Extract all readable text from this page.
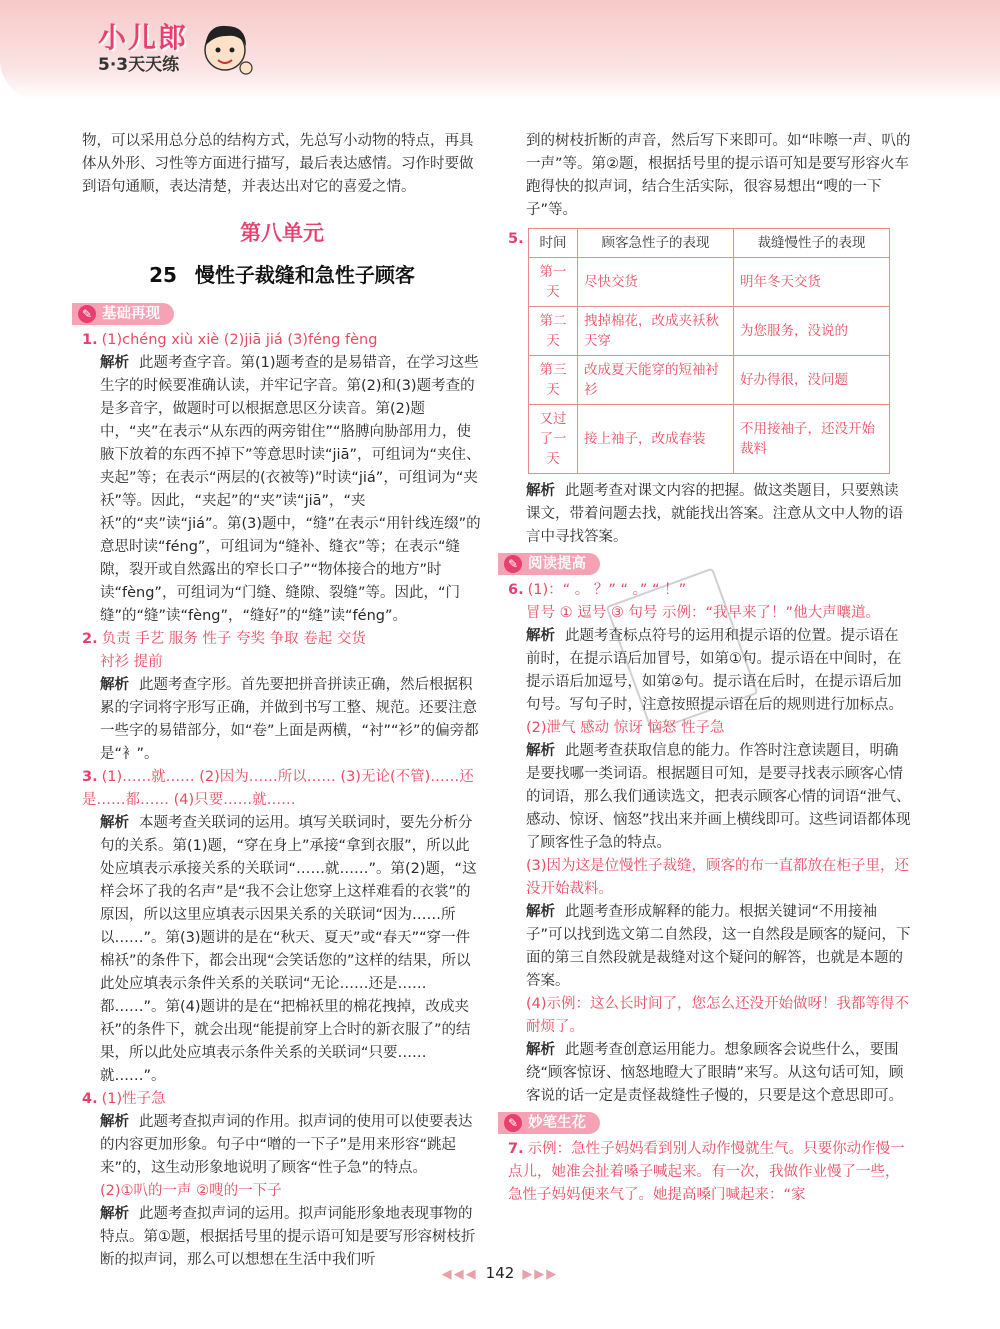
小儿郎
5·3天天练

物，可以采用总分总的结构方式，先总写小动物的特点，再具体从外形、习性等方面进行描写，最后表达感情。习作时要做到语句通顺，表达清楚，并表达出对它的喜爱之情。

第八单元
25 慢性子裁缝和急性子顾客
✎ 基础再现

1. (1)chéng xiù xiè (2)jiā jiá (3)féng fèng

解析 此题考查字音。第(1)题考查的是易错音，在学习这些生字的时候要准确认读，并牢记字音。第(2)和(3)题考查的是多音字，做题时可以根据意思区分读音。第(2)题中，“夹”在表示“从东西的两旁钳住”“胳膊向胁部用力，使腋下放着的东西不掉下”等意思时读“jiā”，可组词为“夹住、夹起”等；在表示“两层的(衣被等)”时读“jiá”，可组词为“夹袄”等。因此，“夹起”的“夹”读“jiā”，“夹袄”的“夹”读“jiá”。第(3)题中，“缝”在表示“用针线连缀”的意思时读“féng”，可组词为“缝补、缝衣”等；在表示“缝隙，裂开或自然露出的窄长口子”“物体接合的地方”时读“fèng”，可组词为“门缝、缝隙、裂缝”等。因此，“门缝”的“缝”读“fèng”，“缝好”的“缝”读“féng”。

2. 负责 手艺 服务 性子 夸奖 争取 卷起 交货

衬衫 提前

解析 此题考查字形。首先要把拼音拼读正确，然后根据积累的字词将字形写正确，并做到书写工整、规范。还要注意一些字的易错部分，如“卷”上面是两横，“衬”“衫”的偏旁都是“衤”。

3. (1)……就…… (2)因为……所以…… (3)无论(不管)……还是……都…… (4)只要……就……

解析 本题考查关联词的运用。填写关联词时，要先分析分句的关系。第(1)题，“穿在身上”承接“拿到衣服”，所以此处应填表示承接关系的关联词“……就……”。第(2)题，“这样会坏了我的名声”是“我不会让您穿上这样难看的衣裳”的原因，所以这里应填表示因果关系的关联词“因为……所以……”。第(3)题讲的是在“秋天、夏天”或“春天”“穿一件棉袄”的条件下，都会出现“会笑话您的”这样的结果，所以此处应填表示条件关系的关联词“无论……还是……都……”。第(4)题讲的是在“把棉袄里的棉花拽掉，改成夹袄”的条件下，就会出现“能提前穿上合时的新衣服了”的结果，所以此处应填表示条件关系的关联词“只要……就……”。

4. (1)性子急

解析 此题考查拟声词的作用。拟声词的使用可以使要表达的内容更加形象。句子中“噌的一下子”是用来形容“跳起来”的，这生动形象地说明了顾客“性子急”的特点。

(2)①叭的一声 ②嗖的一下子

解析 此题考查拟声词的运用。拟声词能形象地表现事物的特点。第①题，根据括号里的提示语可知是要写形容树枝折断的拟声词，那么可以想想在生活中我们听

到的树枝折断的声音，然后写下来即可。如“咔嚓一声、叭的一声”等。第②题，根据括号里的提示语可知是要写形容火车跑得快的拟声词，结合生活实际，很容易想出“嗖的一下子”等。

5. 时间	顾客急性子的表现	裁缝慢性子的表现
第一天	尽快交货	明年冬天交货
第二天	拽掉棉花，改成夹袄秋天穿	为您服务，没说的
第三天	改成夏天能穿的短袖衬衫	好办得很，没问题
又过了一天	接上袖子，改成春装	不用接袖子，还没开始裁料

解析 此题考查对课文内容的把握。做这类题目，只要熟读课文，带着问题去找，就能找出答案。注意从文中人物的语言中寻找答案。

✎ 阅读提高

6. (1)：“ 。 ？” “ 。” “ ！”

冒号 ① 逗号 ③ 句号 示例：“我早来了！”他大声嚷道。

解析 此题考查标点符号的运用和提示语的位置。提示语在前时，在提示语后加冒号，如第①句。提示语在中间时，在提示语后加逗号，如第②句。提示语在后时，在提示语后加句号。写句子时，注意按照提示语在后的规则进行加标点。

(2)泄气 感动 惊讶 恼怒 性子急

解析 此题考查获取信息的能力。作答时注意读题目，明确是要找哪一类词语。根据题目可知，是要寻找表示顾客心情的词语，那么我们通读选文，把表示顾客心情的词语“泄气、感动、惊讶、恼怒”找出来并画上横线即可。这些词语都体现了顾客性子急的特点。

(3)因为这是位慢性子裁缝，顾客的布一直都放在柜子里，还没开始裁料。

解析 此题考查形成解释的能力。根据关键词“不用接袖子”可以找到选文第二自然段，这一自然段是顾客的疑问，下面的第三自然段就是裁缝对这个疑问的解答，也就是本题的答案。

(4)示例：这么长时间了，您怎么还没开始做呀！我都等得不耐烦了。

解析 此题考查创意运用能力。想象顾客会说些什么，要围绕“顾客惊讶、恼怒地瞪大了眼睛”来写。从这句话可知，顾客说的话一定是责怪裁缝性子慢的，只要是这个意思即可。

✎ 妙笔生花

7. 示例：急性子妈妈看到别人动作慢就生气。只要你动作慢一点儿，她准会扯着嗓子喊起来。有一次，我做作业慢了一些，急性子妈妈便来气了。她提高嗓门喊起来：“家

◀◀◀ 142 ▶▶▶
